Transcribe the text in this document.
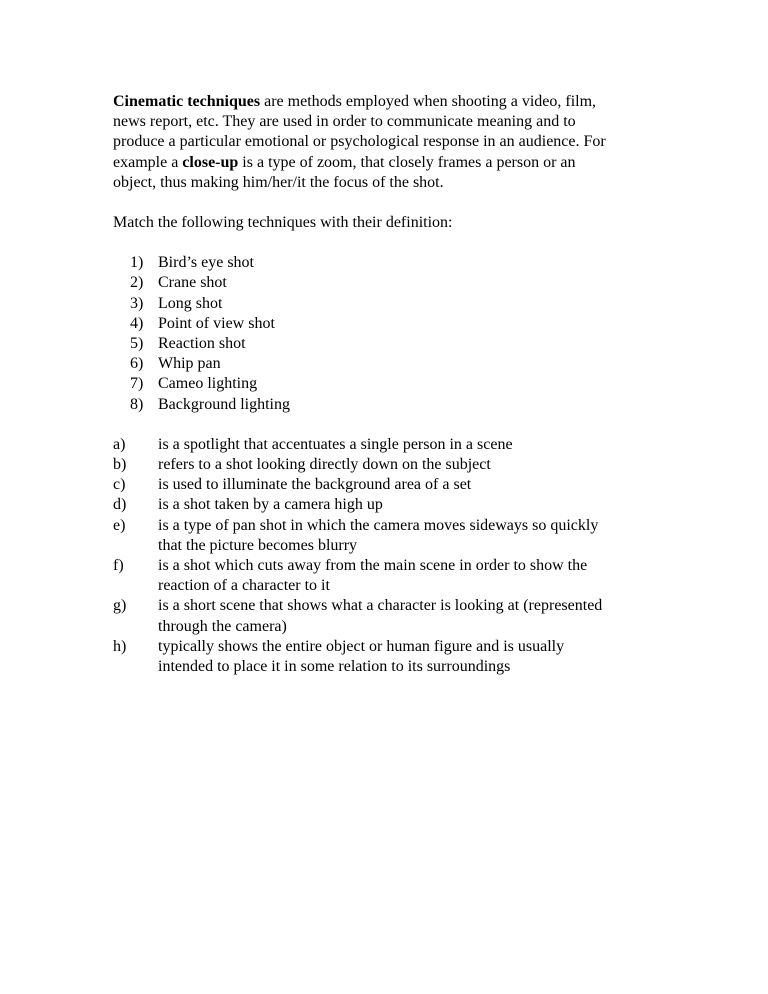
Cinematic techniques are methods employed when shooting a video, film,

news report, etc. They are used in order to communicate meaning and to

produce a particular emotional or psychological response in an audience. For

example a close-up is a type of zoom, that closely frames a person or an

object, thus making him/her/it the focus of the shot.

Match the following techniques with their definition:

1) Bird’s eye shot
2) Crane shot
3) Long shot
4) Point of view shot
5) Reaction shot
6) Whip pan
7) Cameo lighting
8) Background lighting
a) is a spotlight that accentuates a single person in a scene
b) refers to a shot looking directly down on the subject
c) is used to illuminate the background area of a set
d) is a shot taken by a camera high up
e) is a type of pan shot in which the camera moves sideways so quickly
that the picture becomes blurry
f) is a shot which cuts away from the main scene in order to show the
reaction of a character to it
g) is a short scene that shows what a character is looking at (represented
through the camera)
h) typically shows the entire object or human figure and is usually
intended to place it in some relation to its surroundings
